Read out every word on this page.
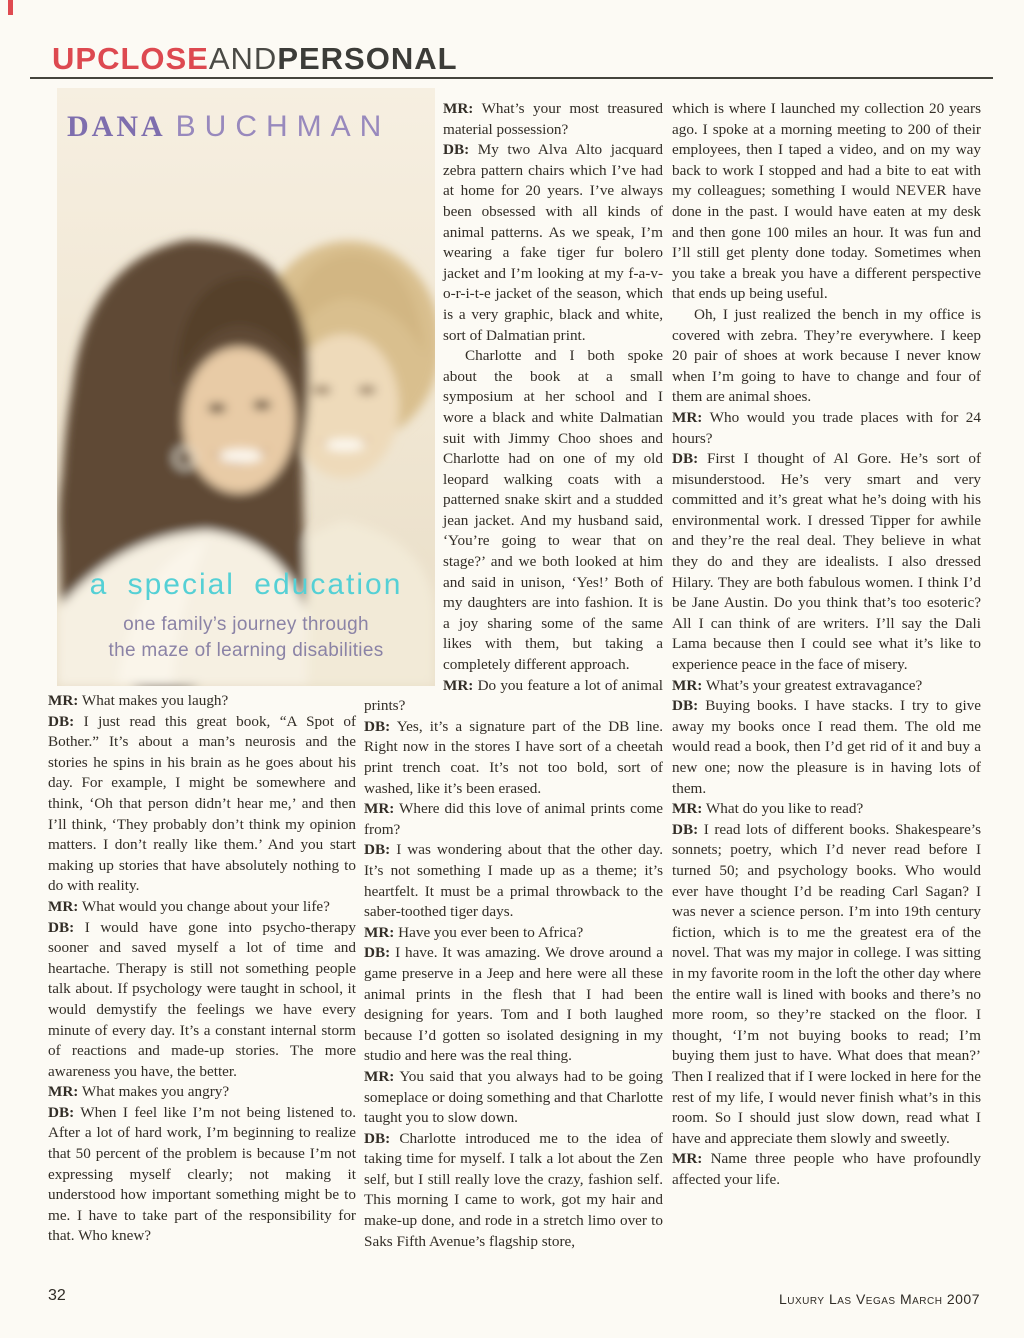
UPCLOSEANDPERSONAL
DANA BUCHMAN

a special education

one family’s journey through
the maze of learning disabilities

MR: What makes you laugh?

DB: I just read this great book, “A Spot of Bother.” It’s about a man’s neurosis and the stories he spins in his brain as he goes about his day. For example, I might be somewhere and think, ‘Oh that person didn’t hear me,’ and then I’ll think, ‘They probably don’t think my opinion matters. I don’t really like them.’ And you start making up stories that have absolutely nothing to do with reality.

MR: What would you change about your life?

DB: I would have gone into psycho-therapy sooner and saved myself a lot of time and heartache. Therapy is still not something people talk about. If psychology were taught in school, it would demystify the feelings we have every minute of every day. It’s a constant internal storm of reactions and made-up stories. The more awareness you have, the better.

MR: What makes you angry?

DB: When I feel like I’m not being listened to. After a lot of hard work, I’m beginning to realize that 50 percent of the problem is because I’m not expressing myself clearly; not making it understood how important something might be to me. I have to take part of the responsibility for that. Who knew?

MR: What’s your most treasured material possession?

DB: My two Alva Alto jacquard zebra pattern chairs which I’ve had at home for 20 years. I’ve always been obsessed with all kinds of animal patterns. As we speak, I’m wearing a fake tiger fur bolero jacket and I’m looking at my f-a-v-o-r-i-t-e jacket of the season, which is a very graphic, black and white, sort of Dalmatian print.

Charlotte and I both spoke about the book at a small symposium at her school and I wore a black and white Dalmatian suit with Jimmy Choo shoes and Charlotte had on one of my old leopard walking coats with a patterned snake skirt and a studded jean jacket. And my husband said, ‘You’re going to wear that on stage?’ and we both looked at him and said in unison, ‘Yes!’ Both of my daughters are into fashion. It is a joy sharing some of the same likes with them, but taking a completely different approach.

MR: Do you feature a lot of animal prints?

DB: Yes, it’s a signature part of the DB line. Right now in the stores I have sort of a cheetah print trench coat. It’s not too bold, sort of washed, like it’s been erased.

MR: Where did this love of animal prints come from?

DB: I was wondering about that the other day. It’s not something I made up as a theme; it’s heartfelt. It must be a primal throwback to the saber-toothed tiger days.

MR: Have you ever been to Africa?

DB: I have. It was amazing. We drove around a game preserve in a Jeep and here were all these animal prints in the flesh that I had been designing for years. Tom and I both laughed because I’d gotten so isolated designing in my studio and here was the real thing.

MR: You said that you always had to be going someplace or doing something and that Charlotte taught you to slow down.

DB: Charlotte introduced me to the idea of taking time for myself. I talk a lot about the Zen self, but I still really love the crazy, fashion self. This morning I came to work, got my hair and make-up done, and rode in a stretch limo over to Saks Fifth Avenue’s flagship store,

which is where I launched my collection 20 years ago. I spoke at a morning meeting to 200 of their employees, then I taped a video, and on my way back to work I stopped and had a bite to eat with my colleagues; something I would NEVER have done in the past. I would have eaten at my desk and then gone 100 miles an hour. It was fun and I’ll still get plenty done today. Sometimes when you take a break you have a different perspective that ends up being useful.

Oh, I just realized the bench in my office is covered with zebra. They’re everywhere. I keep 20 pair of shoes at work because I never know when I’m going to have to change and four of them are animal shoes.

MR: Who would you trade places with for 24 hours?

DB: First I thought of Al Gore. He’s sort of misunderstood. He’s very smart and very committed and it’s great what he’s doing with his environmental work. I dressed Tipper for awhile and they’re the real deal. They believe in what they do and they are idealists. I also dressed Hilary. They are both fabulous women. I think I’d be Jane Austin. Do you think that’s too esoteric? All I can think of are writers. I’ll say the Dali Lama because then I could see what it’s like to experience peace in the face of misery.

MR: What’s your greatest extravagance?

DB: Buying books. I have stacks. I try to give away my books once I read them. The old me would read a book, then I’d get rid of it and buy a new one; now the pleasure is in having lots of them.

MR: What do you like to read?

DB: I read lots of different books. Shakespeare’s sonnets; poetry, which I’d never read before I turned 50; and psychology books. Who would ever have thought I’d be reading Carl Sagan? I was never a science person. I’m into 19th century fiction, which is to me the greatest era of the novel. That was my major in college. I was sitting in my favorite room in the loft the other day where the entire wall is lined with books and there’s no more room, so they’re stacked on the floor. I thought, ‘I’m not buying books to read; I’m buying them just to have. What does that mean?’ Then I realized that if I were locked in here for the rest of my life, I would never finish what’s in this room. So I should just slow down, read what I have and appreciate them slowly and sweetly.

MR: Name three people who have profoundly affected your life.

32	Luxury Las Vegas March 2007
